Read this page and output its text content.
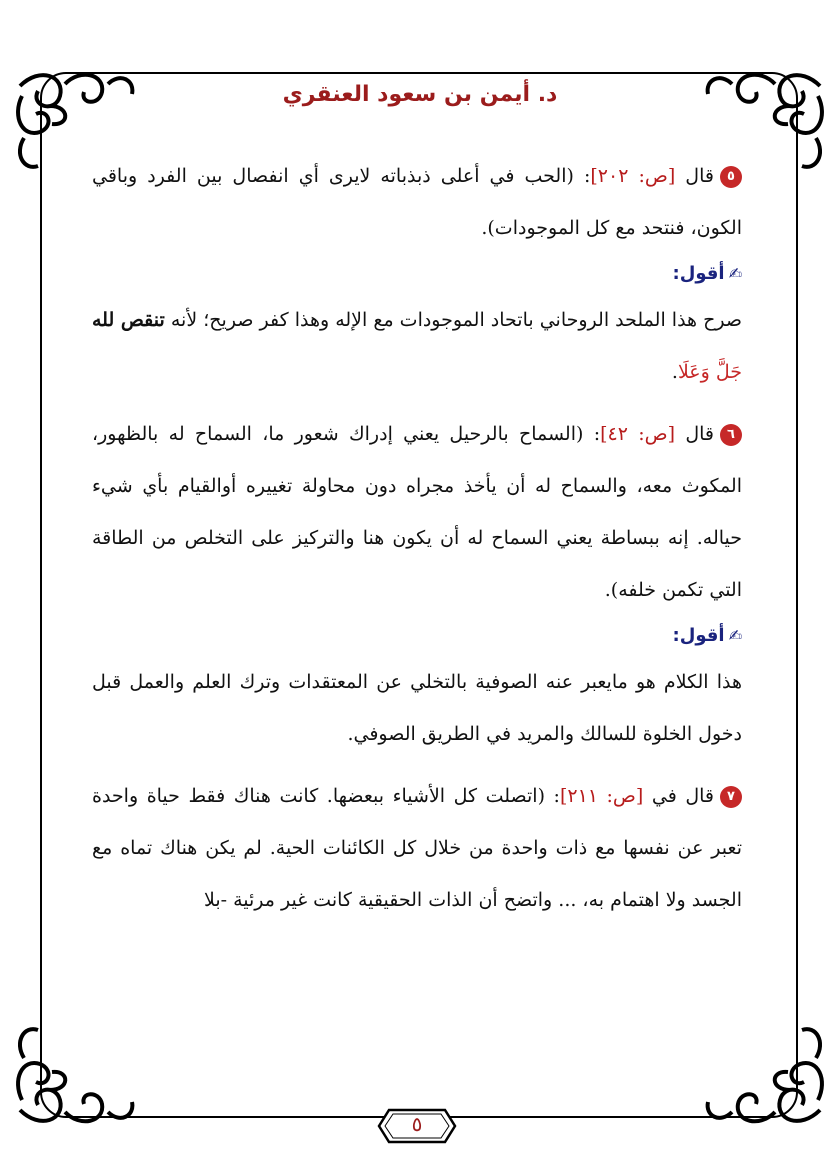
د. أيمن بن سعود العنقري

٥قال [ص: ٢٠٢]: (الحب في أعلى ذبذباته لايرى أي انفصال بين الفرد وباقي الكون، فنتحد مع كل الموجودات).

✍أقول:

صرح هذا الملحد الروحاني باتحاد الموجودات مع الإله وهذا كفر صريح؛ لأنه تنقص لله جَلَّ وَعَلَا.

٦قال [ص: ٤٢]: (السماح بالرحيل يعني إدراك شعور ما، السماح له بالظهور، المكوث معه، والسماح له أن يأخذ مجراه دون محاولة تغييره أوالقيام بأي شيء حياله. إنه ببساطة يعني السماح له أن يكون هنا والتركيز على التخلص من الطاقة التي تكمن خلفه).

✍أقول:

هذا الكلام هو مايعبر عنه الصوفية بالتخلي عن المعتقدات وترك العلم والعمل قبل دخول الخلوة للسالك والمريد في الطريق الصوفي.

٧قال في [ص: ٢١١]: (اتصلت كل الأشياء ببعضها. كانت هناك فقط حياة واحدة تعبر عن نفسها مع ذات واحدة من خلال كل الكائنات الحية. لم يكن هناك تماه مع الجسد ولا اهتمام به، ... واتضح أن الذات الحقيقية كانت غير مرئية -بلا

٥
